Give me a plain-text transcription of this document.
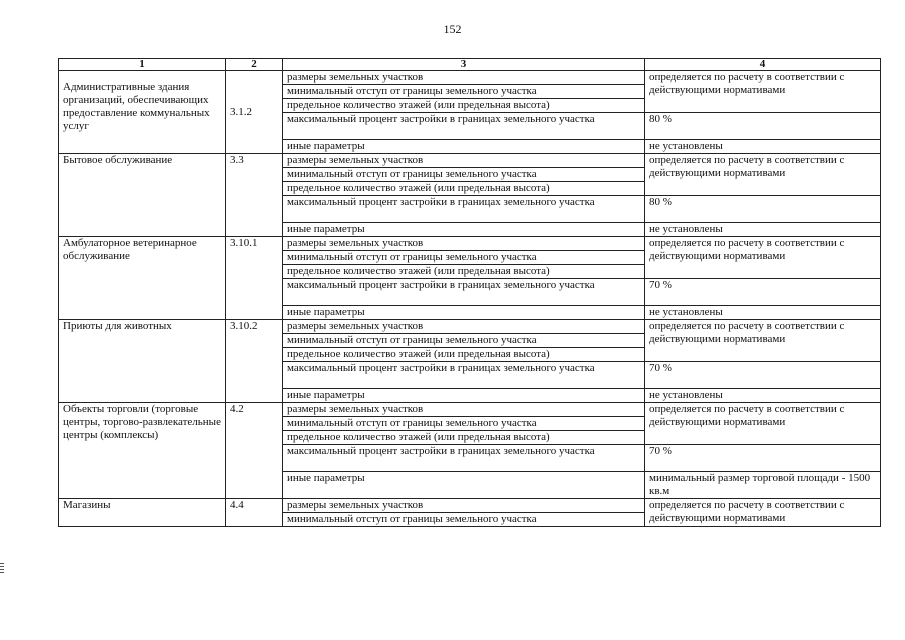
152
1	2	3	4
Административные здания организаций, обеспечивающих предоставление коммунальных услуг	3.1.2	размеры земельных участков	определяется по расчету в соответствии с действующими нормативами
		минимальный отступ от границы земельного участка	
		предельное количество этажей (или предельная высота)	
		максимальный процент застройки в границах земельного участка	80 %
		иные параметры	не установлены
Бытовое обслуживание	3.3	размеры земельных участков	определяется по расчету в соответствии с действующими нормативами
		минимальный отступ от границы земельного участка	
		предельное количество этажей (или предельная высота)	
		максимальный процент застройки в границах земельного участка	80 %
		иные параметры	не установлены
Амбулаторное ветеринарное обслуживание	3.10.1	размеры земельных участков	определяется по расчету в соответствии с действующими нормативами
		минимальный отступ от границы земельного участка	
		предельное количество этажей (или предельная высота)	
		максимальный процент застройки в границах земельного участка	70 %
		иные параметры	не установлены
Приюты для животных	3.10.2	размеры земельных участков	определяется по расчету в соответствии с действующими нормативами
		минимальный отступ от границы земельного участка	
		предельное количество этажей (или предельная высота)	
		максимальный процент застройки в границах земельного участка	70 %
		иные параметры	не установлены
Объекты торговли (торговые центры, торгово-развлекательные центры (комплексы)	4.2	размеры земельных участков	определяется по расчету в соответствии с действующими нормативами
		минимальный отступ от границы земельного участка	
		предельное количество этажей (или предельная высота)	
		максимальный процент застройки в границах земельного участка	70 %
		иные параметры	минимальный размер торговой площади - 1500 кв.м
Магазины	4.4	размеры земельных участков	определяется по расчету в соответствии с действующими нормативами
		минимальный отступ от границы земельного участка	
